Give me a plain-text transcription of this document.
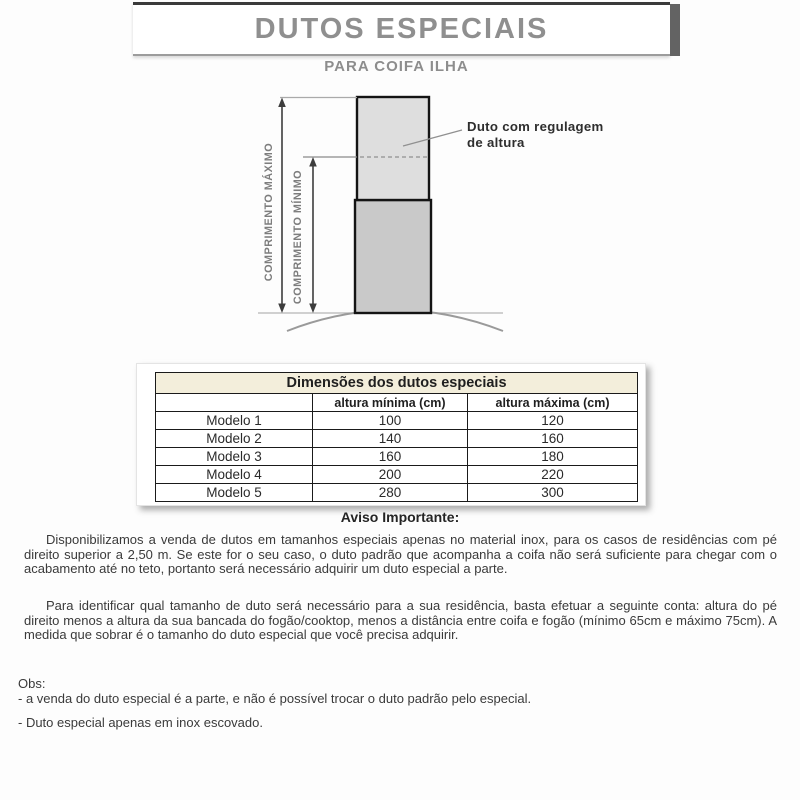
DUTOS ESPECIAIS
PARA COIFA ILHA
COMPRIMENTO MÁXIMO COMPRIMENTO MÍNIMO
Duto com regulagem
de altura
Dimensões dos dutos especiais		
	altura mínima (cm)	altura máxima (cm)
Modelo 1	100	120
Modelo 2	140	160
Modelo 3	160	180
Modelo 4	200	220
Modelo 5	280	300
Aviso Importante:
Disponibilizamos a venda de dutos em tamanhos especiais apenas no material inox, para os casos de residências com pé direito superior a 2,50 m. Se este for o seu caso, o duto padrão que acompanha a coifa não será suficiente para chegar com o acabamento até no teto, portanto será necessário adquirir um duto especial a parte.
Para identificar qual tamanho de duto será necessário para a sua residência, basta efetuar a seguinte conta: altura do pé direito menos a altura da sua bancada do fogão/cooktop, menos a distância entre coifa e fogão (mínimo 65cm e máximo 75cm). A medida que sobrar é o tamanho do duto especial que você precisa adquirir.
Obs:
- a venda do duto especial é a parte, e não é possível trocar o duto padrão pelo especial.
- Duto especial apenas em inox escovado.
